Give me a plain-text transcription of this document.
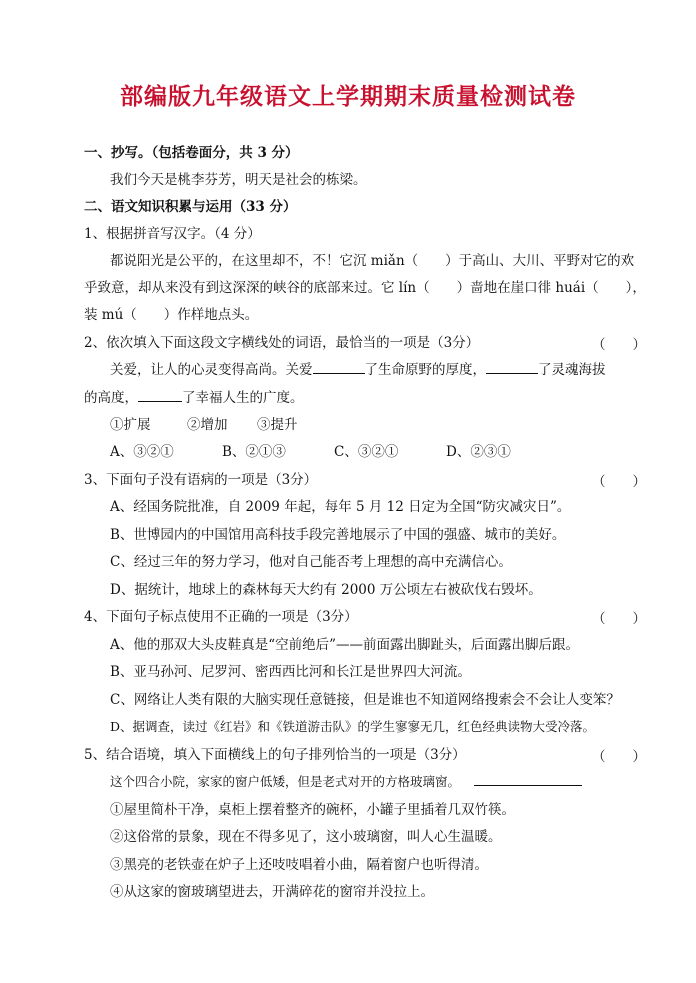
部编版九年级语文上学期期末质量检测试卷
一、抄写。（包括卷面分，共 3 分）
我们今天是桃李芬芳，明天是社会的栋梁。
二、语文知识积累与运用（33 分）
1、根据拼音写汉字。（4 分）
都说阳光是公平的，在这里却不，不！它沉 miǎn（　　）于高山、大川、平野对它的欢
乎致意，却从来没有到这深深的峡谷的底部来过。它 lín（　　）啬地在崖口徘 huái（　　），
装 mú（　　）作样地点头。
2、依次填入下面这段文字横线处的词语，最恰当的一项是（3分）	（　　）
关爱，让人的心灵变得高尚。关爱	了生命原野的厚度，	了灵魂海拔
的高度，	了幸福人生的广度。
①扩展	②增加 ③提升
A、③②①	B、②①③	C、③②①	D、②③①
3、下面句子没有语病的一项是（3分）	（　　）
A、经国务院批准，自 2009 年起，每年 5 月 12 日定为全国“防灾减灾日”。
B、世博园内的中国馆用高科技手段完善地展示了中国的强盛、城市的美好。
C、经过三年的努力学习，他对自己能否考上理想的高中充满信心。
D、据统计，地球上的森林每天大约有 2000 万公顷左右被砍伐右毁坏。
4、下面句子标点使用不正确的一项是（3分）	（　　）
A、他的那双大头皮鞋真是“空前绝后”——前面露出脚趾头，后面露出脚后跟。
B、亚马孙河、尼罗河、密西西比河和长江是世界四大河流。
C、网络让人类有限的大脑实现任意链接，但是谁也不知道网络搜索会不会让人变笨？
D、据调查，读过《红岩》和《铁道游击队》的学生寥寥无几，红色经典读物大受冷落。
5、结合语境，填入下面横线上的句子排列恰当的一项是（3分）	（　　）
这个四合小院，家家的窗户低矮，但是老式对开的方格玻璃窗。
①屋里简朴干净，桌柜上摆着整齐的碗杯，小罐子里插着几双竹筷。
②这俗常的景象，现在不得多见了，这小玻璃窗，叫人心生温暖。
③黑亮的老铁壶在炉子上还吱吱唱着小曲，隔着窗户也听得清。
④从这家的窗玻璃望进去，开满碎花的窗帘并没拉上。
